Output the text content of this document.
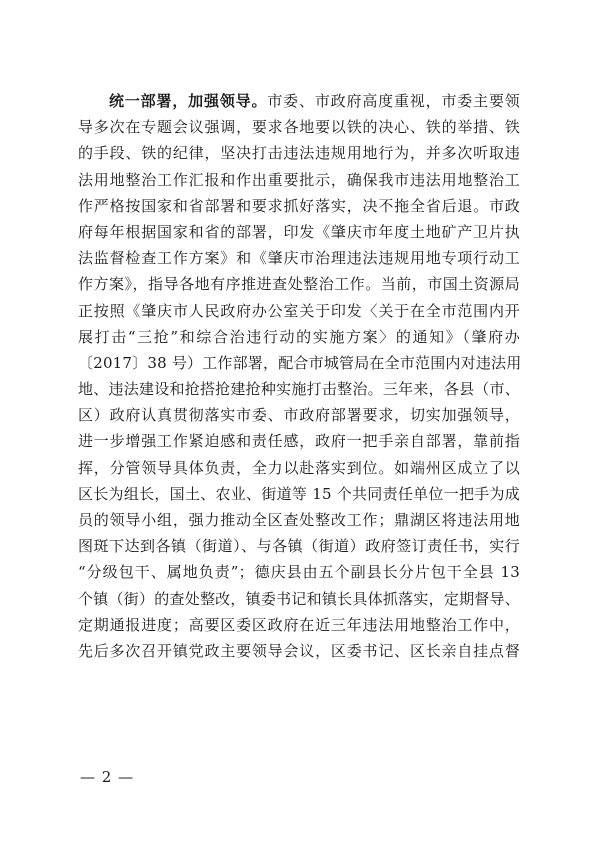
统一部署，加强领导。市委、市政府高度重视，市委主要领
导多次在专题会议强调，要求各地要以铁的决心、铁的举措、铁
的手段、铁的纪律，坚决打击违法违规用地行为，并多次听取违
法用地整治工作汇报和作出重要批示，确保我市违法用地整治工
作严格按国家和省部署和要求抓好落实，决不拖全省后退。市政
府每年根据国家和省的部署，印发《肇庆市年度土地矿产卫片执
法监督检查工作方案》和《肇庆市治理违法违规用地专项行动工
作方案》，指导各地有序推进查处整治工作。当前，市国土资源局
正按照《肇庆市人民政府办公室关于印发〈关于在全市范围内开
展打击“三抢”和综合治违行动的实施方案〉的通知》（肇府办
〔2017〕38 号）工作部署，配合市城管局在全市范围内对违法用
地、违法建设和抢搭抢建抢种实施打击整治。三年来，各县（市、
区）政府认真贯彻落实市委、市政府部署要求，切实加强领导，
进一步增强工作紧迫感和责任感，政府一把手亲自部署，靠前指
挥，分管领导具体负责，全力以赴落实到位。如端州区成立了以
区长为组长，国土、农业、街道等 15 个共同责任单位一把手为成
员的领导小组，强力推动全区查处整改工作；鼎湖区将违法用地
图斑下达到各镇（街道）、与各镇（街道）政府签订责任书，实行
“分级包干、属地负责”；德庆县由五个副县长分片包干全县 13
个镇（街）的查处整改，镇委书记和镇长具体抓落实，定期督导、
定期通报进度；高要区委区政府在近三年违法用地整治工作中，
先后多次召开镇党政主要领导会议，区委书记、区长亲自挂点督
— 2 —
